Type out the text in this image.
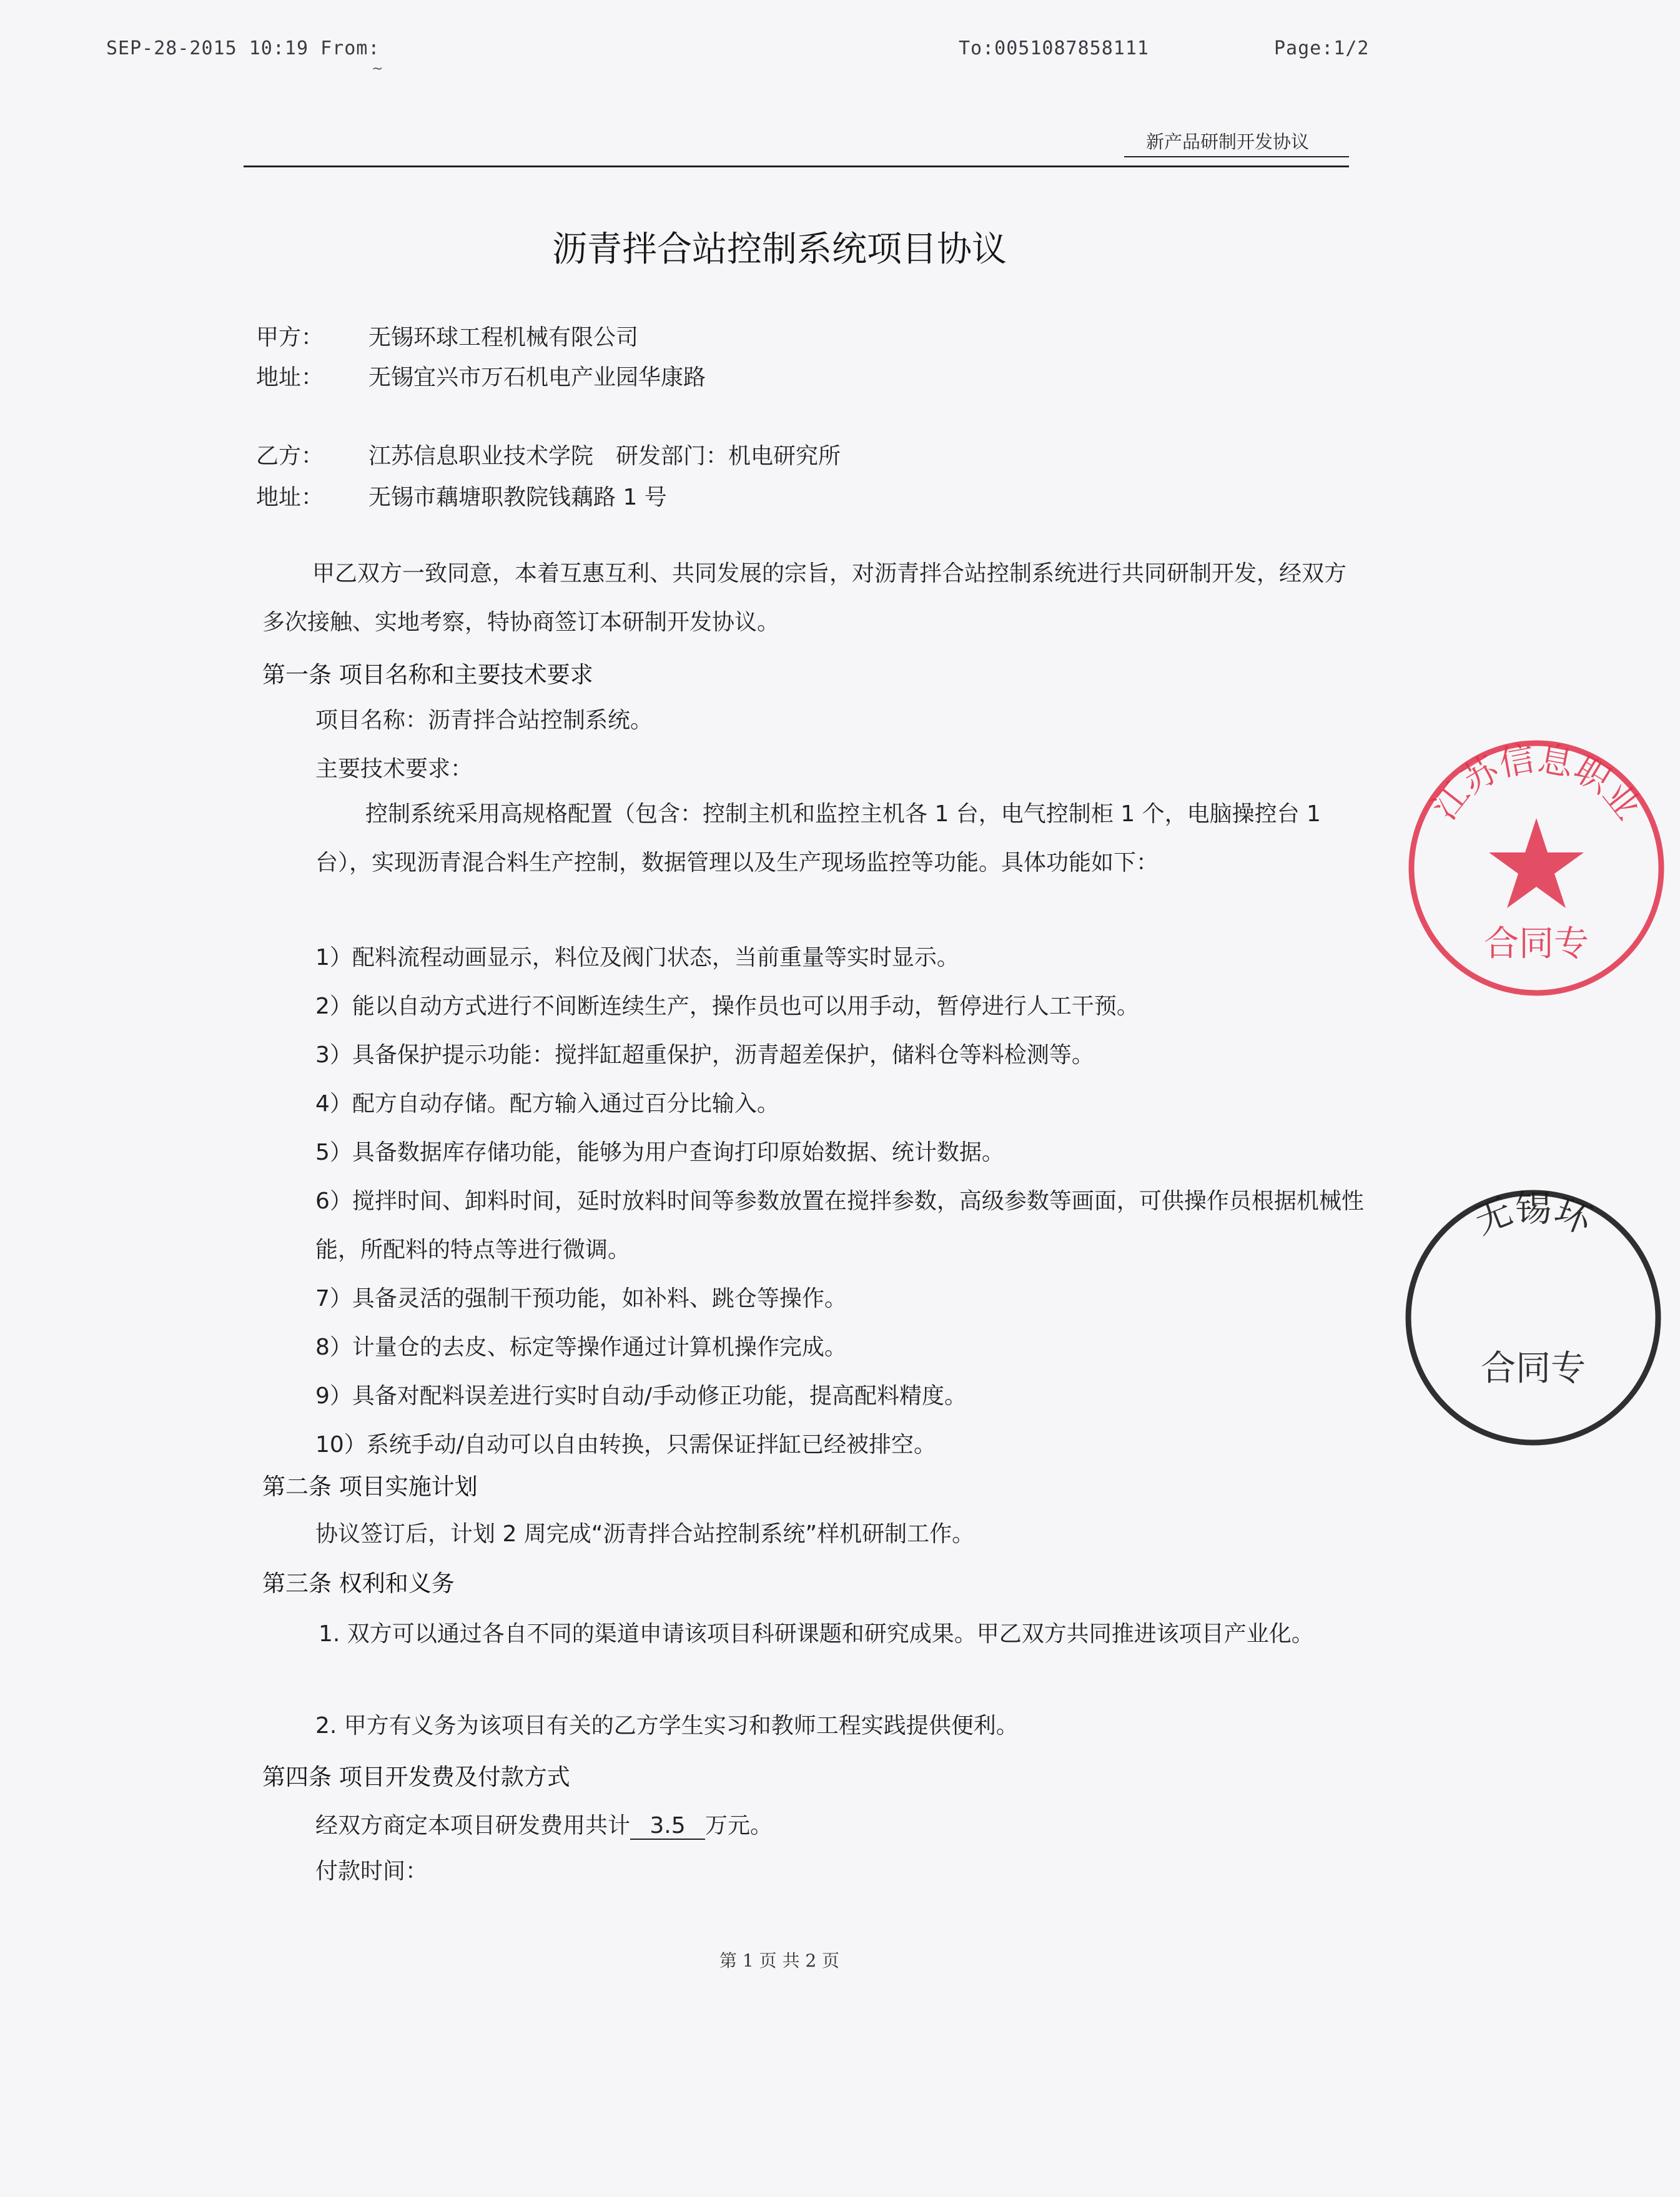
SEP-28-2015 10:19 From:
~
To:0051087858111	Page:1/2
新产品研制开发协议
沥青拌合站控制系统项目协议
甲方： 无锡环球工程机械有限公司
地址： 无锡宜兴市万石机电产业园华康路
乙方： 江苏信息职业技术学院　研发部门：机电研究所
地址： 无锡市藕塘职教院钱藕路 1 号
甲乙双方一致同意，本着互惠互利、共同发展的宗旨，对沥青拌合站控制系统进行共同研制开发，经双方多次接触、实地考察，特协商签订本研制开发协议。
第一条 项目名称和主要技术要求
项目名称：沥青拌合站控制系统。
主要技术要求：
控制系统采用高规格配置（包含：控制主机和监控主机各 1 台，电气控制柜 1 个，电脑操控台 1 台），实现沥青混合料生产控制，数据管理以及生产现场监控等功能。具体功能如下：
1）配料流程动画显示，料位及阀门状态，当前重量等实时显示。
2）能以自动方式进行不间断连续生产，操作员也可以用手动，暂停进行人工干预。
3）具备保护提示功能：搅拌缸超重保护，沥青超差保护，储料仓等料检测等。
4）配方自动存储。配方输入通过百分比输入。
5）具备数据库存储功能，能够为用户查询打印原始数据、统计数据。
6）搅拌时间、卸料时间，延时放料时间等参数放置在搅拌参数，高级参数等画面，可供操作员根据机械性能，所配料的特点等进行微调。
7）具备灵活的强制干预功能，如补料、跳仓等操作。
8）计量仓的去皮、标定等操作通过计算机操作完成。
9）具备对配料误差进行实时自动/手动修正功能，提高配料精度。
10）系统手动/自动可以自由转换，只需保证拌缸已经被排空。
第二条 项目实施计划
协议签订后，计划 2 周完成“沥青拌合站控制系统”样机研制工作。
第三条 权利和义务
1. 双方可以通过各自不同的渠道申请该项目科研课题和研究成果。甲乙双方共同推进该项目产业化。
2. 甲方有义务为该项目有关的乙方学生实习和教师工程实践提供便利。
第四条 项目开发费及付款方式
经双方商定本项目研发费用共计 3.5 万元。
付款时间：
第 1 页 共 2 页
江苏信息职业
合同专
无锡环
合同专
